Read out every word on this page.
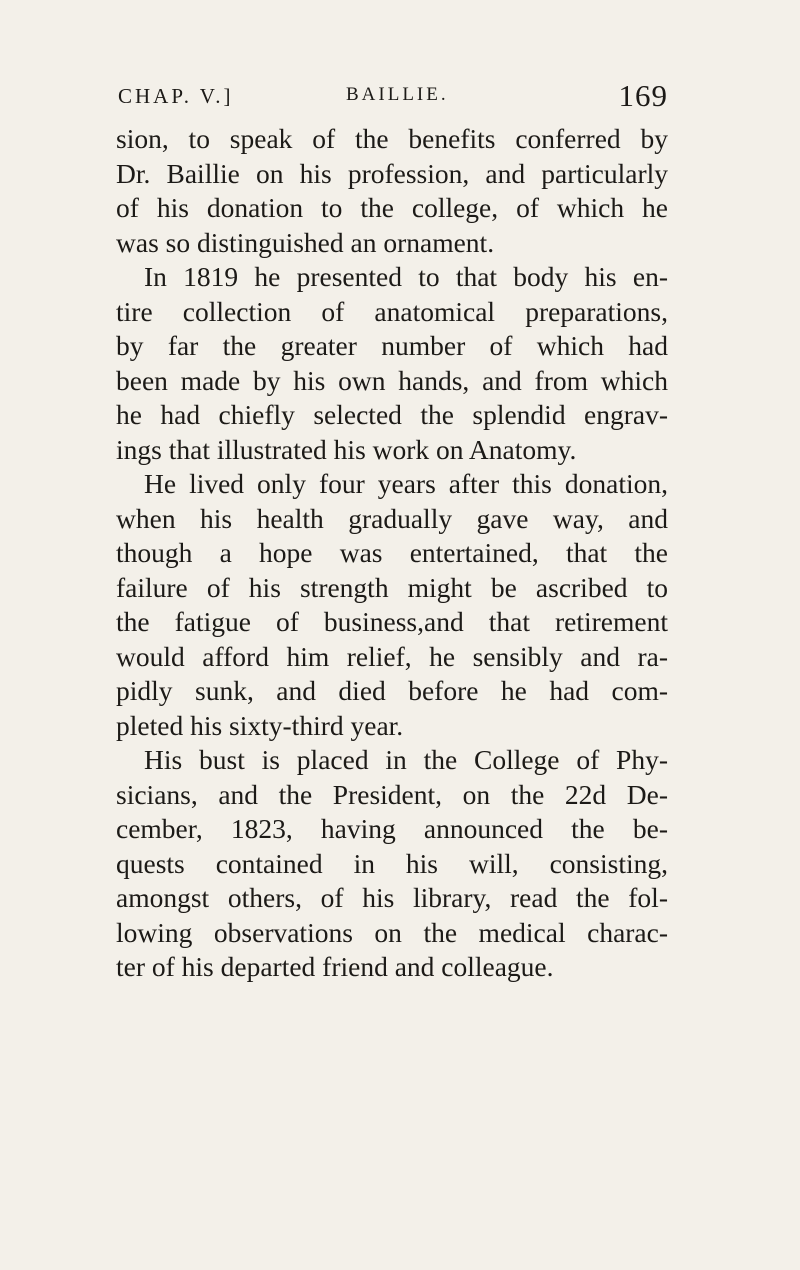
CHAP. V.]	BAILLIE.	169
sion, to speak of the benefits conferred by
Dr. Baillie on his profession, and particularly
of his donation to the college, of which he
was so distinguished an ornament.
In 1819 he presented to that body his en-
tire collection of anatomical preparations,
by far the greater number of which had
been made by his own hands, and from which
he had chiefly selected the splendid engrav-
ings that illustrated his work on Anatomy.
He lived only four years after this donation,
when his health gradually gave way, and
though a hope was entertained, that the
failure of his strength might be ascribed to
the fatigue of business,and that retirement
would afford him relief, he sensibly and ra-
pidly sunk, and died before he had com-
pleted his sixty-third year.
His bust is placed in the College of Phy-
sicians, and the President, on the 22d De-
cember, 1823, having announced the be-
quests contained in his will, consisting,
amongst others, of his library, read the fol-
lowing observations on the medical charac-
ter of his departed friend and colleague.
